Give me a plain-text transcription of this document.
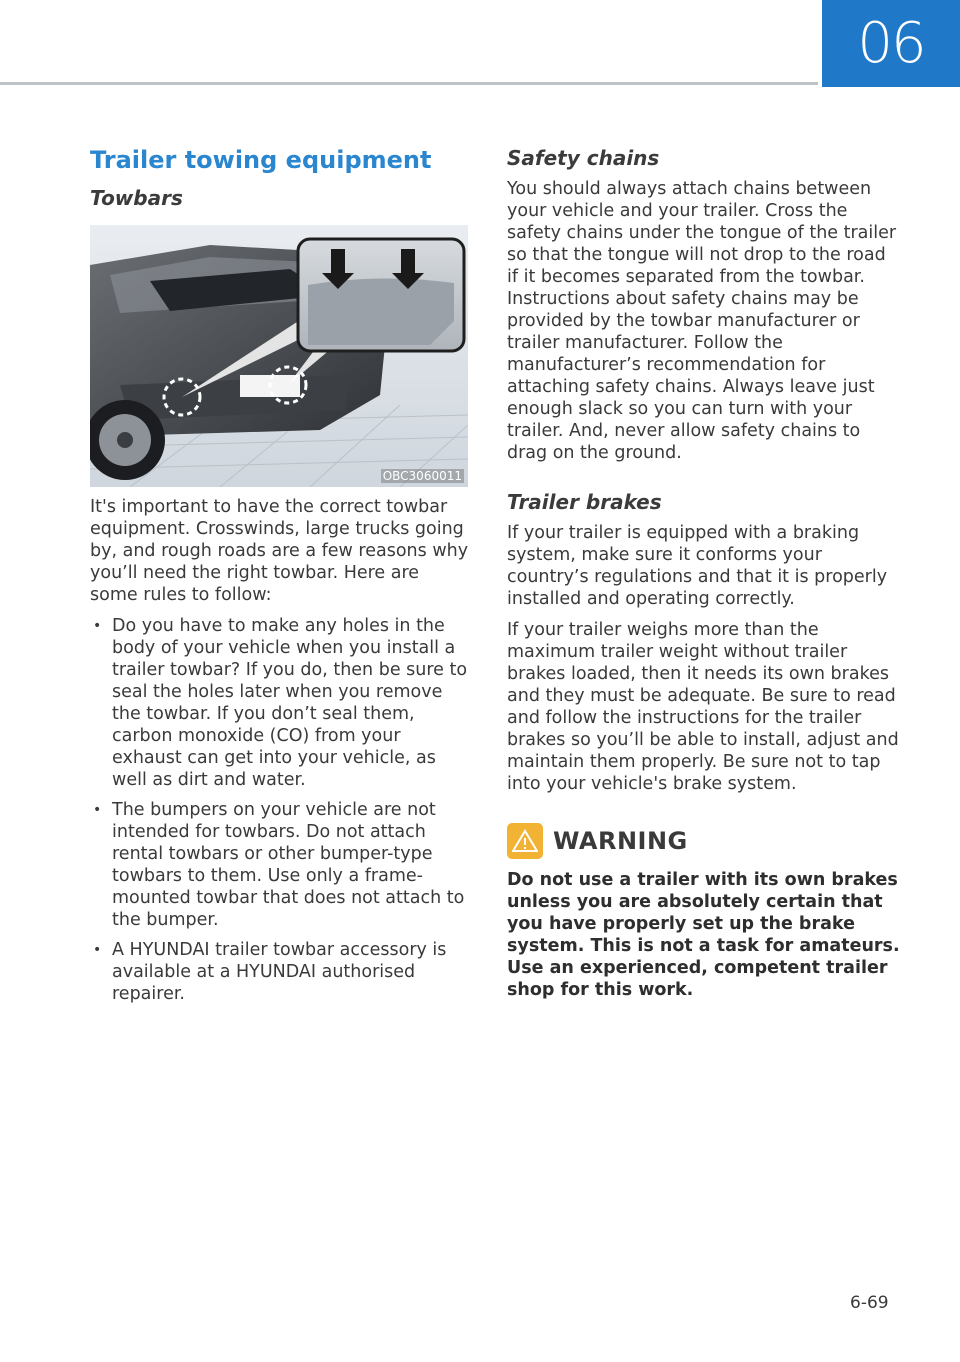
06
Trailer towing equipment
Towbars
OBC3060011

It's important to have the correct towbar equipment. Crosswinds, large trucks going by, and rough roads are a few reasons why you’ll need the right towbar. Here are some rules to follow:

• Do you have to make any holes in the body of your vehicle when you install a trailer towbar? If you do, then be sure to seal the holes later when you remove the towbar. If you don’t seal them, carbon monoxide (CO) from your exhaust can get into your vehicle, as well as dirt and water.
• The bumpers on your vehicle are not intended for towbars. Do not attach rental towbars or other bumper-type towbars to them. Use only a frame-mounted towbar that does not attach to the bumper.
• A HYUNDAI trailer towbar accessory is available at a HYUNDAI authorised repairer.
Safety chains

You should always attach chains between your vehicle and your trailer. Cross the safety chains under the tongue of the trailer so that the tongue will not drop to the road if it becomes separated from the towbar. Instructions about safety chains may be provided by the towbar manufacturer or trailer manufacturer. Follow the manufacturer’s recommendation for attaching safety chains. Always leave just enough slack so you can turn with your trailer. And, never allow safety chains to drag on the ground.

Trailer brakes

If your trailer is equipped with a braking system, make sure it conforms your country’s regulations and that it is properly installed and operating correctly.

If your trailer weighs more than the maximum trailer weight without trailer brakes loaded, then it needs its own brakes and they must be adequate. Be sure to read and follow the instructions for the trailer brakes so you’ll be able to install, adjust and maintain them properly. Be sure not to tap into your vehicle's brake system.

WARNING

Do not use a trailer with its own brakes unless you are absolutely certain that you have properly set up the brake system. This is not a task for amateurs. Use an experienced, competent trailer shop for this work.

6-69
